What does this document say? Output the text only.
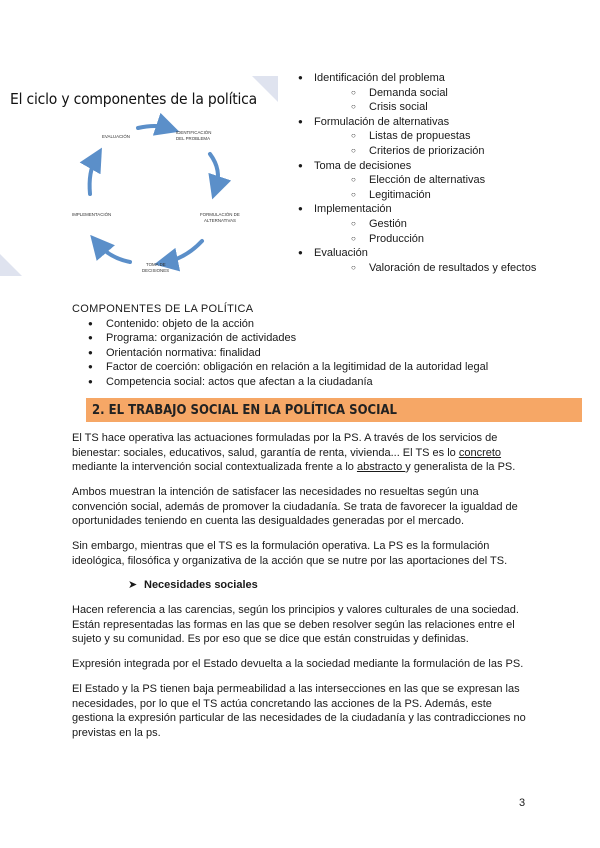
El ciclo y componentes de la política
IDENTIFICACIÓN
DEL PROBLEMA
FORMULACIÓN DE
ALTERNATIVAS
TOMA DE
DECISIONES
IMPLEMENTACIÓN
EVALUACIÓN
● Identificación del problema
○ Demanda social
○ Crisis social
● Formulación de alternativas
○ Listas de propuestas
○ Criterios de priorización
● Toma de decisiones
○ Elección de alternativas
○ Legitimación
● Implementación
○ Gestión
○ Producción
● Evaluación
○ Valoración de resultados y efectos
COMPONENTES DE LA POLÍTICA
● Contenido: objeto de la acción
● Programa: organización de actividades
● Orientación normativa: finalidad
● Factor de coerción: obligación en relación a la legitimidad de la autoridad legal
● Competencia social: actos que afectan a la ciudadanía
2. EL TRABAJO SOCIAL EN LA POLÍTICA SOCIAL

El TS hace operativa las actuaciones formuladas por la PS. A través de los servicios de bienestar: sociales, educativos, salud, garantía de renta, vivienda... El TS es lo concreto mediante la intervención social contextualizada frente a lo abstracto y generalista de la PS.

Ambos muestran la intención de satisfacer las necesidades no resueltas según una convención social, además de promover la ciudadanía. Se trata de favorecer la igualdad de oportunidades teniendo en cuenta las desigualdades generadas por el mercado.

Sin embargo, mientras que el TS es la formulación operativa. La PS es la formulación ideológica, filosófica y organizativa de la acción que se nutre por las aportaciones del TS.

➤ Necesidades sociales

Hacen referencia a las carencias, según los principios y valores culturales de una sociedad. Están representadas las formas en las que se deben resolver según las relaciones entre el sujeto y su comunidad. Es por eso que se dice que están construidas y definidas.

Expresión integrada por el Estado devuelta a la sociedad mediante la formulación de las PS.

El Estado y la PS tienen baja permeabilidad a las intersecciones en las que se expresan las necesidades, por lo que el TS actúa concretando las acciones de la PS. Además, este gestiona la expresión particular de las necesidades de la ciudadanía y las contradicciones no previstas en la ps.

3
